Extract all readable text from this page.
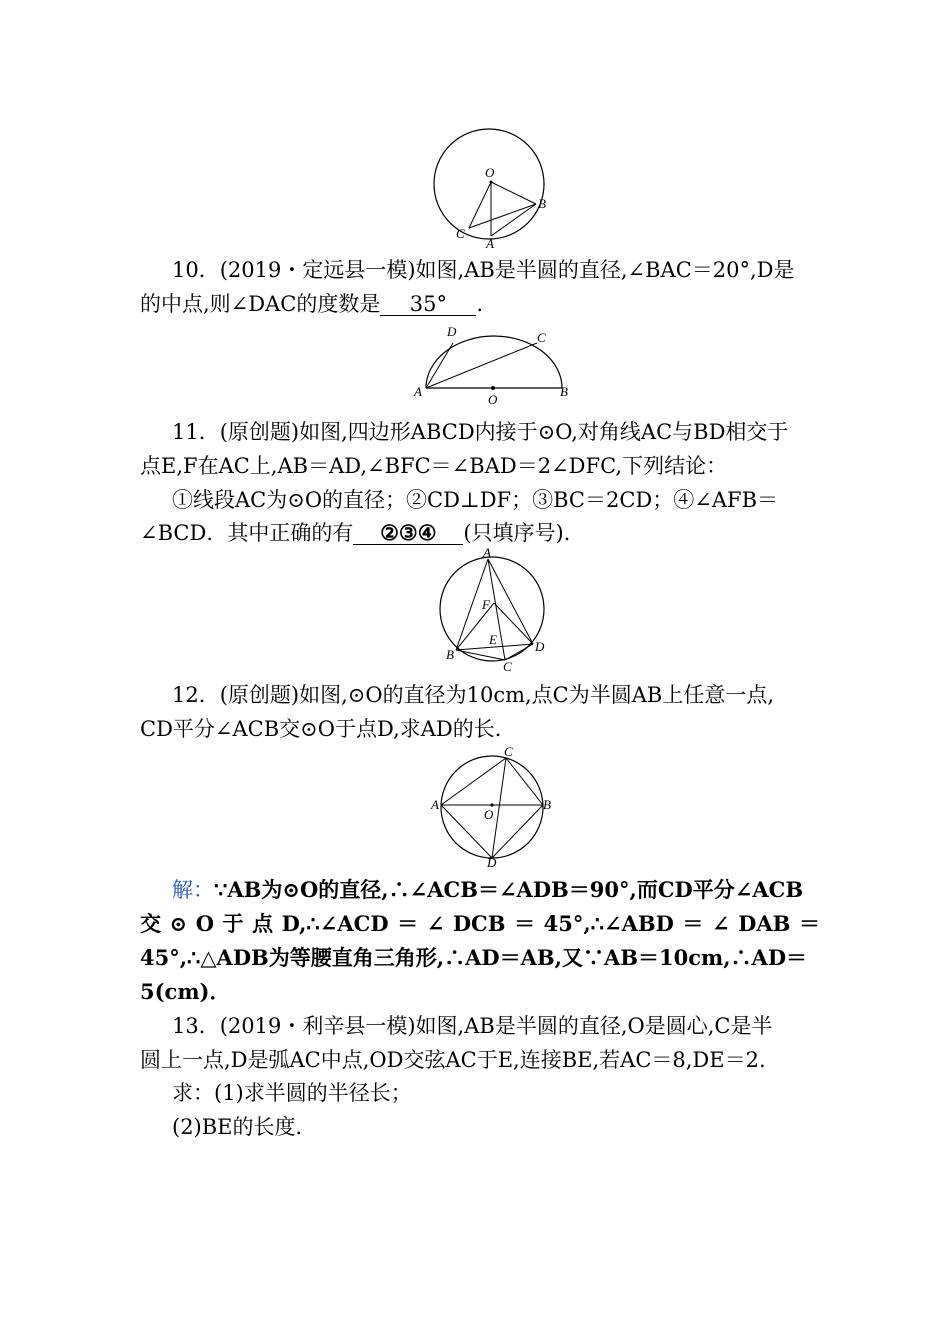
O
B
C
A
10．(2019・定远县一模)如图,AB是半圆的直径,∠BAC＝20°,D是
的中点,则∠DAC的度数是 35° .
D	C
A
O
B
11．(原创题)如图,四边形ABCD内接于⊙O,对角线AC与BD相交于
点E,F在AC上,AB＝AD,∠BFC＝∠BAD＝2∠DFC,下列结论：
①线段AC为⊙O的直径；②CD⊥DF；③BC＝2CD；④∠AFB＝
∠BCD．其中正确的有 ②③④ (只填序号)．
A
F
E
B
C
D
12．(原创题)如图,⊙O的直径为10cm,点C为半圆AB上任意一点,
CD平分∠ACB交⊙O于点D,求AD的长．
C
A	B
O
D
解：∵AB为⊙O的直径,∴∠ACB＝∠ADB＝90°,而CD平分∠ACB
交 ⊙ O 于 点 D,∴∠ACD ＝ ∠ DCB ＝ 45°,∴∠ABD ＝ ∠ DAB ＝
45°,∴△ADB为等腰直角三角形,∴AD＝AB,又∵AB＝10cm,∴AD＝
5(cm)．
13．(2019・利辛县一模)如图,AB是半圆的直径,O是圆心,C是半
圆上一点,D是弧AC中点,OD交弦AC于E,连接BE,若AC＝8,DE＝2.
求：(1)求半圆的半径长；
(2)BE的长度．
